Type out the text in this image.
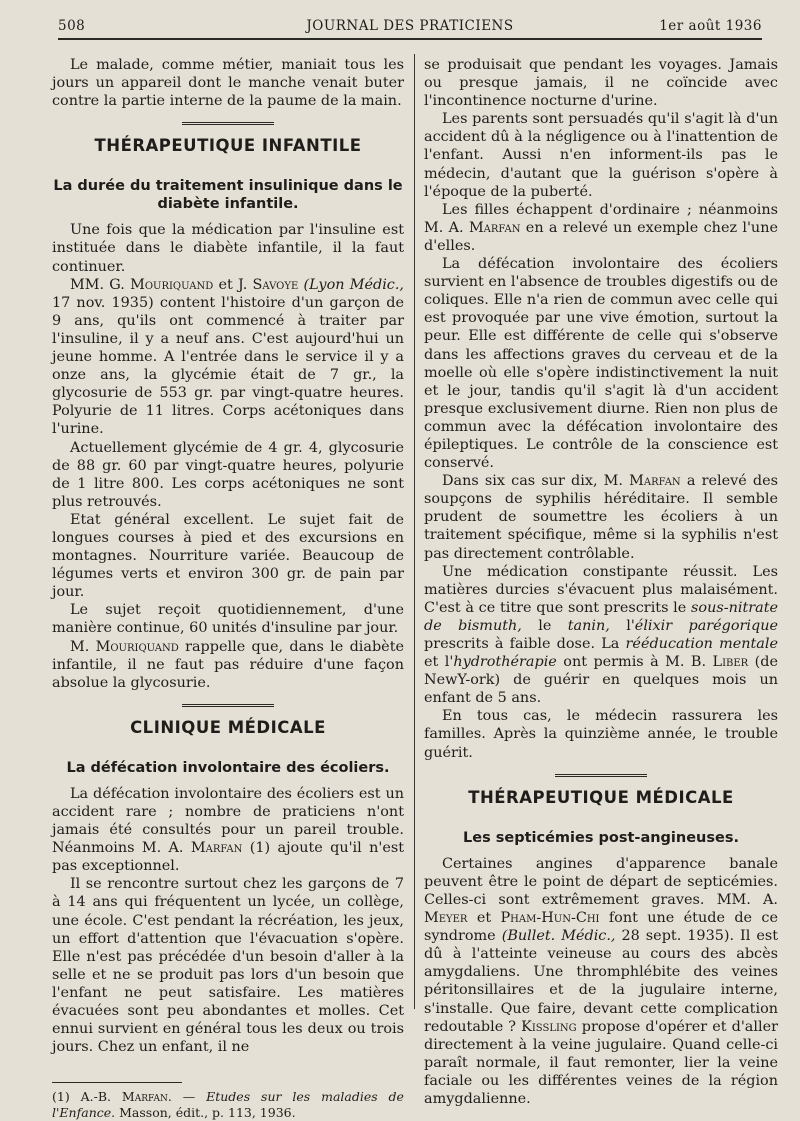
508	JOURNAL DES PRATICIENS	1er août 1936

Le malade, comme métier, maniait tous les jours un appareil dont le manche venait buter contre la partie interne de la paume de la main.

THÉRAPEUTIQUE INFANTILE
La durée du traitement insulinique dans le diabète infantile.

Une fois que la médication par l'insuline est instituée dans le diabète infantile, il la faut continuer.

MM. G. Mouriquand et J. Savoye (Lyon Médic., 17 nov. 1935) content l'histoire d'un garçon de 9 ans, qu'ils ont commencé à traiter par l'insuline, il y a neuf ans. C'est aujourd'hui un jeune homme. A l'entrée dans le service il y a onze ans, la glycémie était de 7 gr., la glycosurie de 553 gr. par vingt-quatre heures. Polyurie de 11 litres. Corps acétoniques dans l'urine.

Actuellement glycémie de 4 gr. 4, glycosurie de 88 gr. 60 par vingt-quatre heures, polyurie de 1 litre 800. Les corps acétoniques ne sont plus retrouvés.

Etat général excellent. Le sujet fait de longues courses à pied et des excursions en montagnes. Nourriture variée. Beaucoup de légumes verts et environ 300 gr. de pain par jour.

Le sujet reçoit quotidiennement, d'une manière continue, 60 unités d'insuline par jour.

M. Mouriquand rappelle que, dans le diabète infantile, il ne faut pas réduire d'une façon absolue la glycosurie.

CLINIQUE MÉDICALE
La défécation involontaire des écoliers.

La défécation involontaire des écoliers est un accident rare ; nombre de praticiens n'ont jamais été consultés pour un pareil trouble. Néanmoins M. A. Marfan (1) ajoute qu'il n'est pas exceptionnel.

Il se rencontre surtout chez les garçons de 7 à 14 ans qui fréquentent un lycée, un collège, une école. C'est pendant la récréation, les jeux, un effort d'attention que l'évacuation s'opère. Elle n'est pas précédée d'un besoin d'aller à la selle et ne se produit pas lors d'un besoin que l'enfant ne peut satisfaire. Les matières évacuées sont peu abondantes et molles. Cet ennui survient en général tous les deux ou trois jours. Chez un enfant, il ne

(1) A.-B. Marfan. — Etudes sur les maladies de l'Enfance. Masson, édit., p. 113, 1936.

se produisait que pendant les voyages. Jamais ou presque jamais, il ne coïncide avec l'incontinence nocturne d'urine.

Les parents sont persuadés qu'il s'agit là d'un accident dû à la négligence ou à l'inattention de l'enfant. Aussi n'en informent-ils pas le médecin, d'autant que la guérison s'opère à l'époque de la puberté.

Les filles échappent d'ordinaire ; néanmoins M. A. Marfan en a relevé un exemple chez l'une d'elles.

La défécation involontaire des écoliers survient en l'absence de troubles digestifs ou de coliques. Elle n'a rien de commun avec celle qui est provoquée par une vive émotion, surtout la peur. Elle est différente de celle qui s'observe dans les affections graves du cerveau et de la moelle où elle s'opère indistinctivement la nuit et le jour, tandis qu'il s'agit là d'un accident presque exclusivement diurne. Rien non plus de commun avec la défécation involontaire des épileptiques. Le contrôle de la conscience est conservé.

Dans six cas sur dix, M. Marfan a relevé des soupçons de syphilis héréditaire. Il semble prudent de soumettre les écoliers à un traitement spécifique, même si la syphilis n'est pas directement contrôlable.

Une médication constipante réussit. Les matières durcies s'évacuent plus malaisément. C'est à ce titre que sont prescrits le sous-nitrate de bismuth, le tanin, l'élixir parégorique prescrits à faible dose. La rééducation mentale et l'hydrothérapie ont permis à M. B. Liber (de NewY-ork) de guérir en quelques mois un enfant de 5 ans.

En tous cas, le médecin rassurera les familles. Après la quinzième année, le trouble guérit.

THÉRAPEUTIQUE MÉDICALE
Les septicémies post-angineuses.

Certaines angines d'apparence banale peuvent être le point de départ de septicémies. Celles-ci sont extrêmement graves. MM. A. Meyer et Pham-Hun-Chi font une étude de ce syndrome (Bullet. Médic., 28 sept. 1935). Il est dû à l'atteinte veineuse au cours des abcès amygdaliens. Une thromphlébite des veines péritonsillaires et de la jugulaire interne, s'installe. Que faire, devant cette complication redoutable ? Kissling propose d'opérer et d'aller directement à la veine jugulaire. Quand celle-ci paraît normale, il faut remonter, lier la veine faciale ou les différentes veines de la région amygdalienne.
